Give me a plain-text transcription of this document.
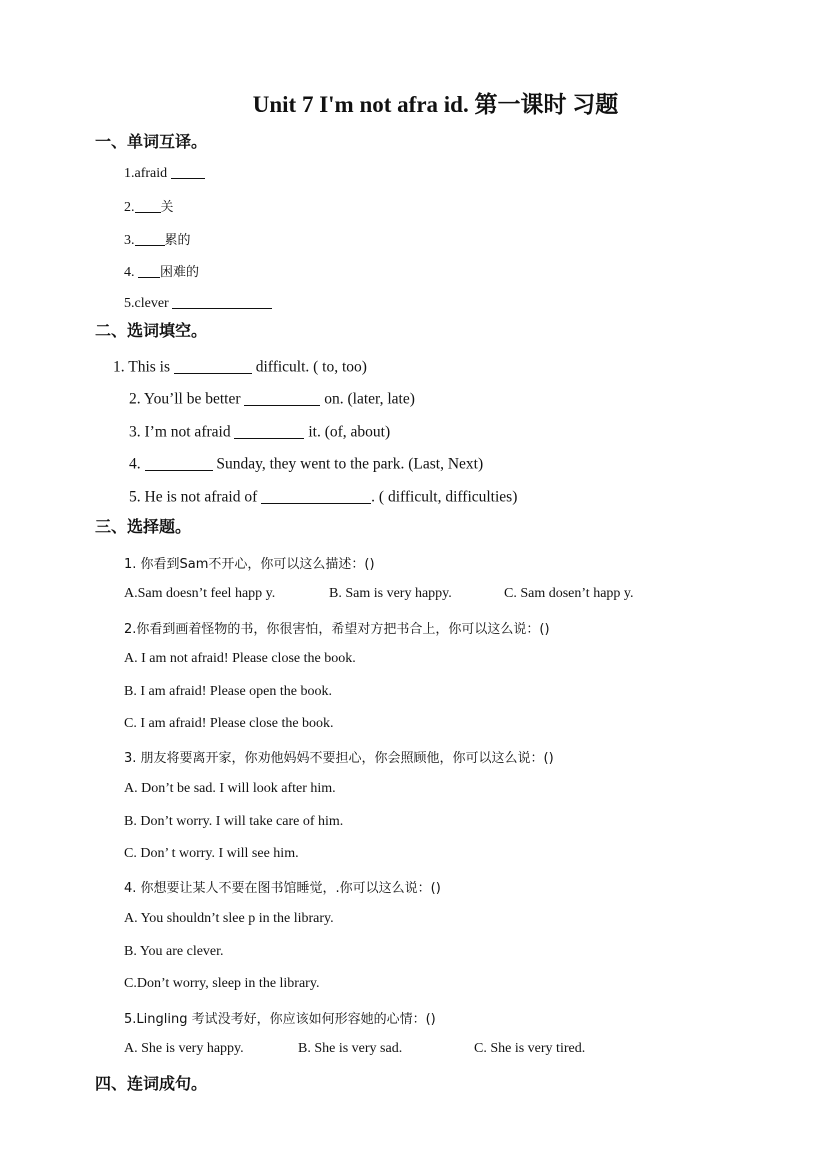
Unit 7 I'm not afra id. 第一课时 习题
一、单词互译。
1.afraid
2. 关
3. 累的
4. 困难的
5.clever
二、选词填空。
1. This is	difficult. ( to, too)
2. You’ll be better	on. (later, late)
3. I’m not afraid	it. (of, about)
4.	Sunday, they went to the park. (Last, Next)
5. He is not afraid of	. ( difficult, difficulties)
三、选择题。
1. 你看到Sam不开心，你可以这么描述：()
A.Sam doesn’t feel happ y.	B. Sam is very happy.	C. Sam dosen’t happ y.
2.你看到画着怪物的书，你很害怕，希望对方把书合上，你可以这么说：()
A. I am not afraid! Please close the book.
B. I am afraid! Please open the book.
C. I am afraid! Please close the book.
3. 朋友将要离开家，你劝他妈妈不要担心，你会照顾他，你可以这么说：()
A. Don’t be sad. I will look after him.
B. Don’t worry. I will take care of him.
C. Don’ t worry. I will see him.
4. 你想要让某人不要在图书馆睡觉，.你可以这么说：()
A. You shouldn’t slee p in the library.
B. You are clever.
C.Don’t worry, sleep in the library.
5.Lingling 考试没考好，你应该如何形容她的心情：()
A. She is very happy.	B. She is very sad.	C. She is very tired.
四、连词成句。
